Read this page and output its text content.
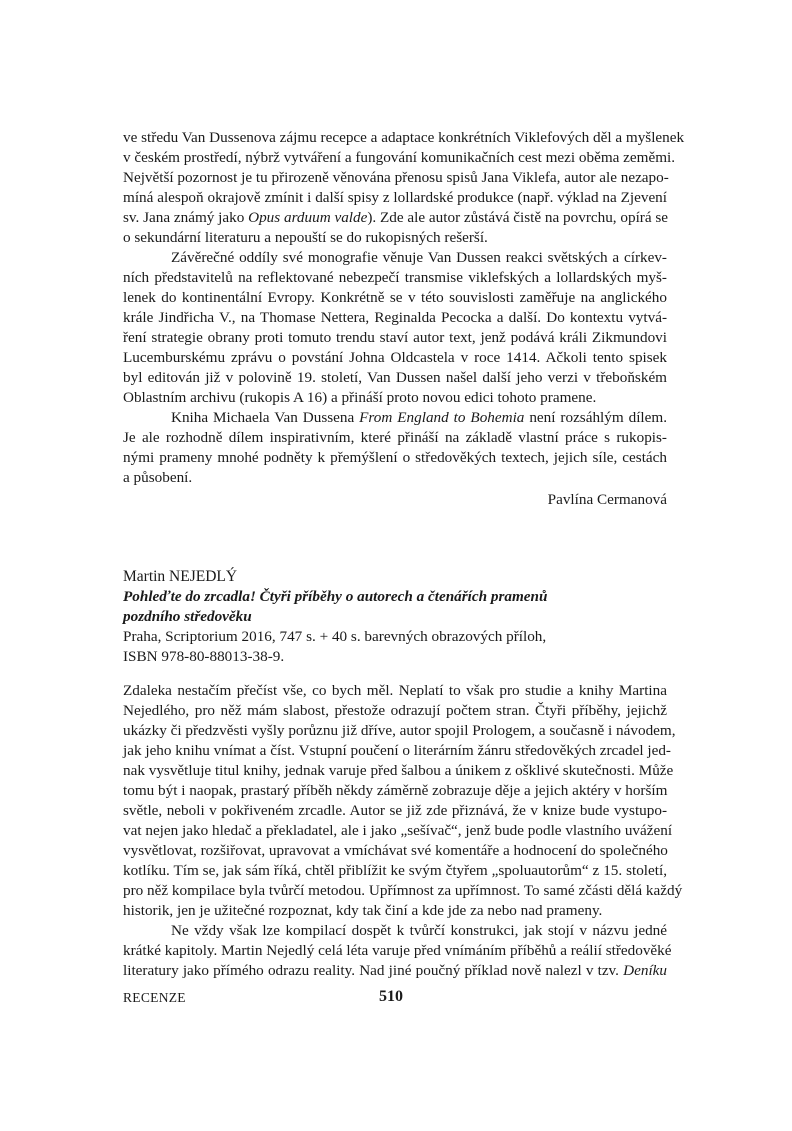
ve středu Van Dussenova zájmu recepce a adaptace konkrétních Viklefových děl a myšlenek
v českém prostředí, nýbrž vytváření a fungování komunikačních cest mezi oběma zeměmi.
Největší pozornost je tu přirozeně věnována přenosu spisů Jana Viklefa, autor ale nezapo-
míná alespoň okrajově zmínit i další spisy z lollardské produkce (např. výklad na Zjevení
sv. Jana známý jako Opus arduum valde). Zde ale autor zůstává čistě na povrchu, opírá se
o sekundární literaturu a nepouští se do rukopisných rešerší.
Závěrečné oddíly své monografie věnuje Van Dussen reakci světských a církev-
ních představitelů na reflektované nebezpečí transmise viklefských a lollardských myš-
lenek do kontinentální Evropy. Konkrétně se v této souvislosti zaměřuje na anglického
krále Jindřicha V., na Thomase Nettera, Reginalda Pecocka a další. Do kontextu vytvá-
ření strategie obrany proti tomuto trendu staví autor text, jenž podává králi Zikmundovi
Lucemburskému zprávu o povstání Johna Oldcastela v roce 1414. Ačkoli tento spisek
byl editován již v polovině 19. století, Van Dussen našel další jeho verzi v třeboňském
Oblastním archivu (rukopis A 16) a přináší proto novou edici tohoto pramene.
Kniha Michaela Van Dussena From England to Bohemia není rozsáhlým dílem.
Je ale rozhodně dílem inspirativním, které přináší na základě vlastní práce s rukopis-
nými prameny mnohé podněty k přemýšlení o středověkých textech, jejich síle, cestách
a působení.
Pavlína Cermanová
Martin NEJEDLÝ
Pohleďte do zrcadla! Čtyři příběhy o autorech a čtenářích pramenů
pozdního středověku
Praha, Scriptorium 2016, 747 s. + 40 s. barevných obrazových příloh,
ISBN 978-80-88013-38-9.
Zdaleka nestačím přečíst vše, co bych měl. Neplatí to však pro studie a knihy Martina
Nejedlého, pro něž mám slabost, přestože odrazují počtem stran. Čtyři příběhy, jejichž
ukázky či předzvěsti vyšly porůznu již dříve, autor spojil Prologem, a současně i návodem,
jak jeho knihu vnímat a číst. Vstupní poučení o literárním žánru středověkých zrcadel jed-
nak vysvětluje titul knihy, jednak varuje před šalbou a únikem z ošklivé skutečnosti. Může
tomu být i naopak, prastarý příběh někdy záměrně zobrazuje děje a jejich aktéry v horším
světle, neboli v pokřiveném zrcadle. Autor se již zde přiznává, že v knize bude vystupo-
vat nejen jako hledač a překladatel, ale i jako „sešívač“, jenž bude podle vlastního uvážení
vysvětlovat, rozšiřovat, upravovat a vmíchávat své komentáře a hodnocení do společného
kotlíku. Tím se, jak sám říká, chtěl přiblížit ke svým čtyřem „spoluautorům“ z 15. století,
pro něž kompilace byla tvůrčí metodou. Upřímnost za upřímnost. To samé zčásti dělá každý
historik, jen je užitečné rozpoznat, kdy tak činí a kde jde za nebo nad prameny.
Ne vždy však lze kompilací dospět k tvůrčí konstrukci, jak stojí v názvu jedné
krátké kapitoly. Martin Nejedlý celá léta varuje před vnímáním příběhů a reálií středověké
literatury jako přímého odrazu reality. Nad jiné poučný příklad nově nalezl v tzv. Deníku
RECENZE	510
